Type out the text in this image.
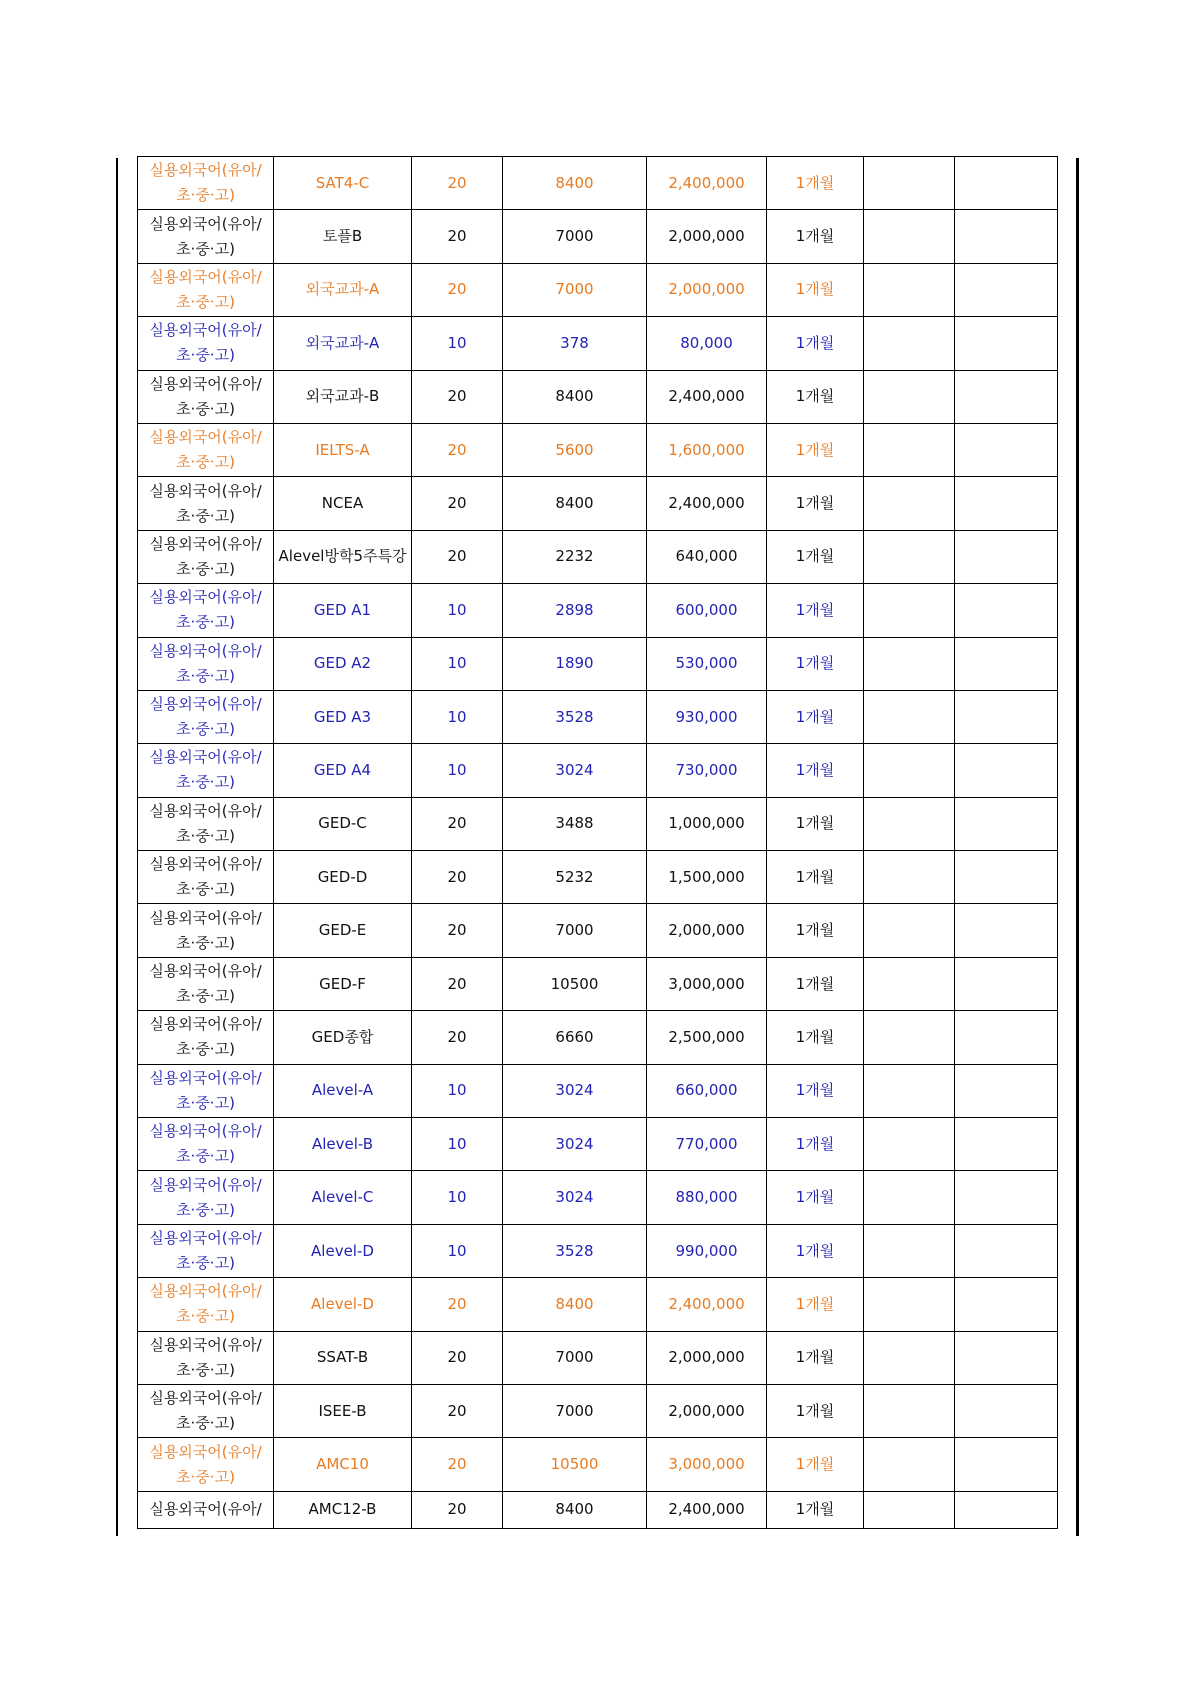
실용외국어(유아/
초·중·고)	SAT4-C	20	8400	2,400,000	1개월		
실용외국어(유아/
초·중·고)	토플B	20	7000	2,000,000	1개월		
실용외국어(유아/
초·중·고)	외국교과-A	20	7000	2,000,000	1개월		
실용외국어(유아/
초·중·고)	외국교과-A	10	378	80,000	1개월		
실용외국어(유아/
초·중·고)	외국교과-B	20	8400	2,400,000	1개월		
실용외국어(유아/
초·중·고)	IELTS-A	20	5600	1,600,000	1개월		
실용외국어(유아/
초·중·고)	NCEA	20	8400	2,400,000	1개월		
실용외국어(유아/
초·중·고)	Alevel방학5주특강	20	2232	640,000	1개월		
실용외국어(유아/
초·중·고)	GED A1	10	2898	600,000	1개월		
실용외국어(유아/
초·중·고)	GED A2	10	1890	530,000	1개월		
실용외국어(유아/
초·중·고)	GED A3	10	3528	930,000	1개월		
실용외국어(유아/
초·중·고)	GED A4	10	3024	730,000	1개월		
실용외국어(유아/
초·중·고)	GED-C	20	3488	1,000,000	1개월		
실용외국어(유아/
초·중·고)	GED-D	20	5232	1,500,000	1개월		
실용외국어(유아/
초·중·고)	GED-E	20	7000	2,000,000	1개월		
실용외국어(유아/
초·중·고)	GED-F	20	10500	3,000,000	1개월		
실용외국어(유아/
초·중·고)	GED종합	20	6660	2,500,000	1개월		
실용외국어(유아/
초·중·고)	Alevel-A	10	3024	660,000	1개월		
실용외국어(유아/
초·중·고)	Alevel-B	10	3024	770,000	1개월		
실용외국어(유아/
초·중·고)	Alevel-C	10	3024	880,000	1개월		
실용외국어(유아/
초·중·고)	Alevel-D	10	3528	990,000	1개월		
실용외국어(유아/
초·중·고)	Alevel-D	20	8400	2,400,000	1개월		
실용외국어(유아/
초·중·고)	SSAT-B	20	7000	2,000,000	1개월		
실용외국어(유아/
초·중·고)	ISEE-B	20	7000	2,000,000	1개월		
실용외국어(유아/
초·중·고)	AMC10	20	10500	3,000,000	1개월		
실용외국어(유아/	AMC12-B	20	8400	2,400,000	1개월		
